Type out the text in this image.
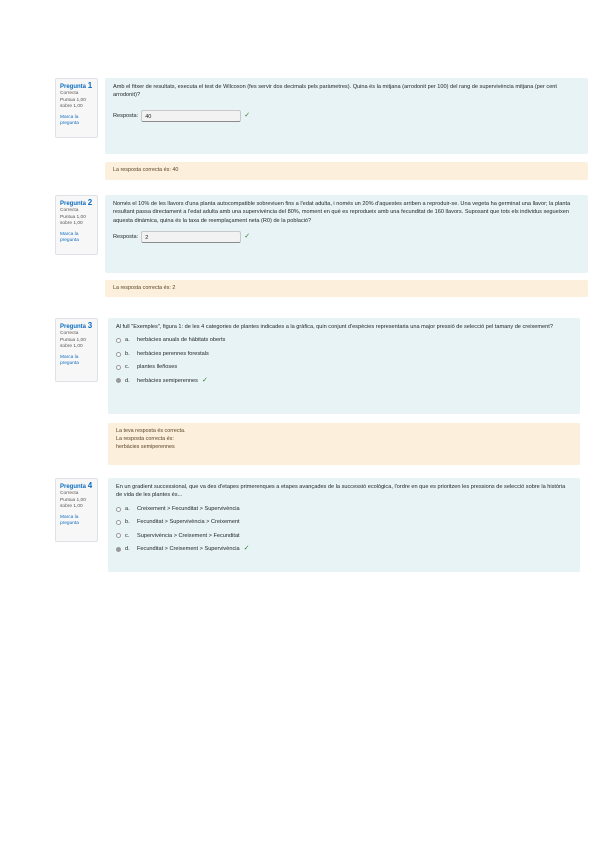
Pregunta 1
Correcta
Puntua 1,00 sobre 1,00
Marca la pregunta
Amb el fitxer de resultats, executa el test de Wilcoxon (fes servir dos decimals pels paràmetres). Quina és la mitjana (arrodonit per 100) del rang de supervivència mitjana (per cent arrodonit)?
Resposta:	40	✓
La resposta correcta és: 40
Pregunta 2
Correcta
Puntua 1,00 sobre 1,00
Marca la pregunta
Només el 10% de les llavors d'una planta autocompatible sobreviuen fins a l'edat adulta, i només un 20% d'aquestes arriben a reproduir-se. Una vegeta ha germinat una llavor; la planta resultant passa directament a l'edat adulta amb una supervivència del 80%, moment en què es reprodueix amb una fecunditat de 160 llavors. Suposant que tots els individus segueixen aquesta dinàmica, quina és la taxa de reemplaçament neta (R0) de la població?
Resposta:	2	✓
La resposta correcta és: 2
Pregunta 3
Correcta
Puntua 1,00 sobre 1,00
Marca la pregunta
Al full "Exemples", figura 1: de les 4 categories de plantes indicades a la gràfica, quin conjunt d'espècies representaria una major pressió de selecció pel tamany de creixement?
a.	herbàcies anuals de hàbitats oberts
b.	herbàcies perennes forestals
c.	plantes lleñoses
d.	herbàcies semiperennes ✓
La teva resposta és correcta.
La resposta correcta és:
herbàcies semiperennes
Pregunta 4
Correcta
Puntua 1,00 sobre 1,00
Marca la pregunta
En un gradient successional, que va des d'etapes primerenques a etapes avançades de la successió ecològica, l'ordre en que es prioritzen les pressions de selecció sobre la història de vida de les plantes és...
a.	Creixement > Fecunditat > Supervivència
b.	Fecunditat > Supervivència > Creixement
c.	Supervivència > Creixement > Fecunditat
d.	Fecunditat > Creixement > Supervivència ✓
